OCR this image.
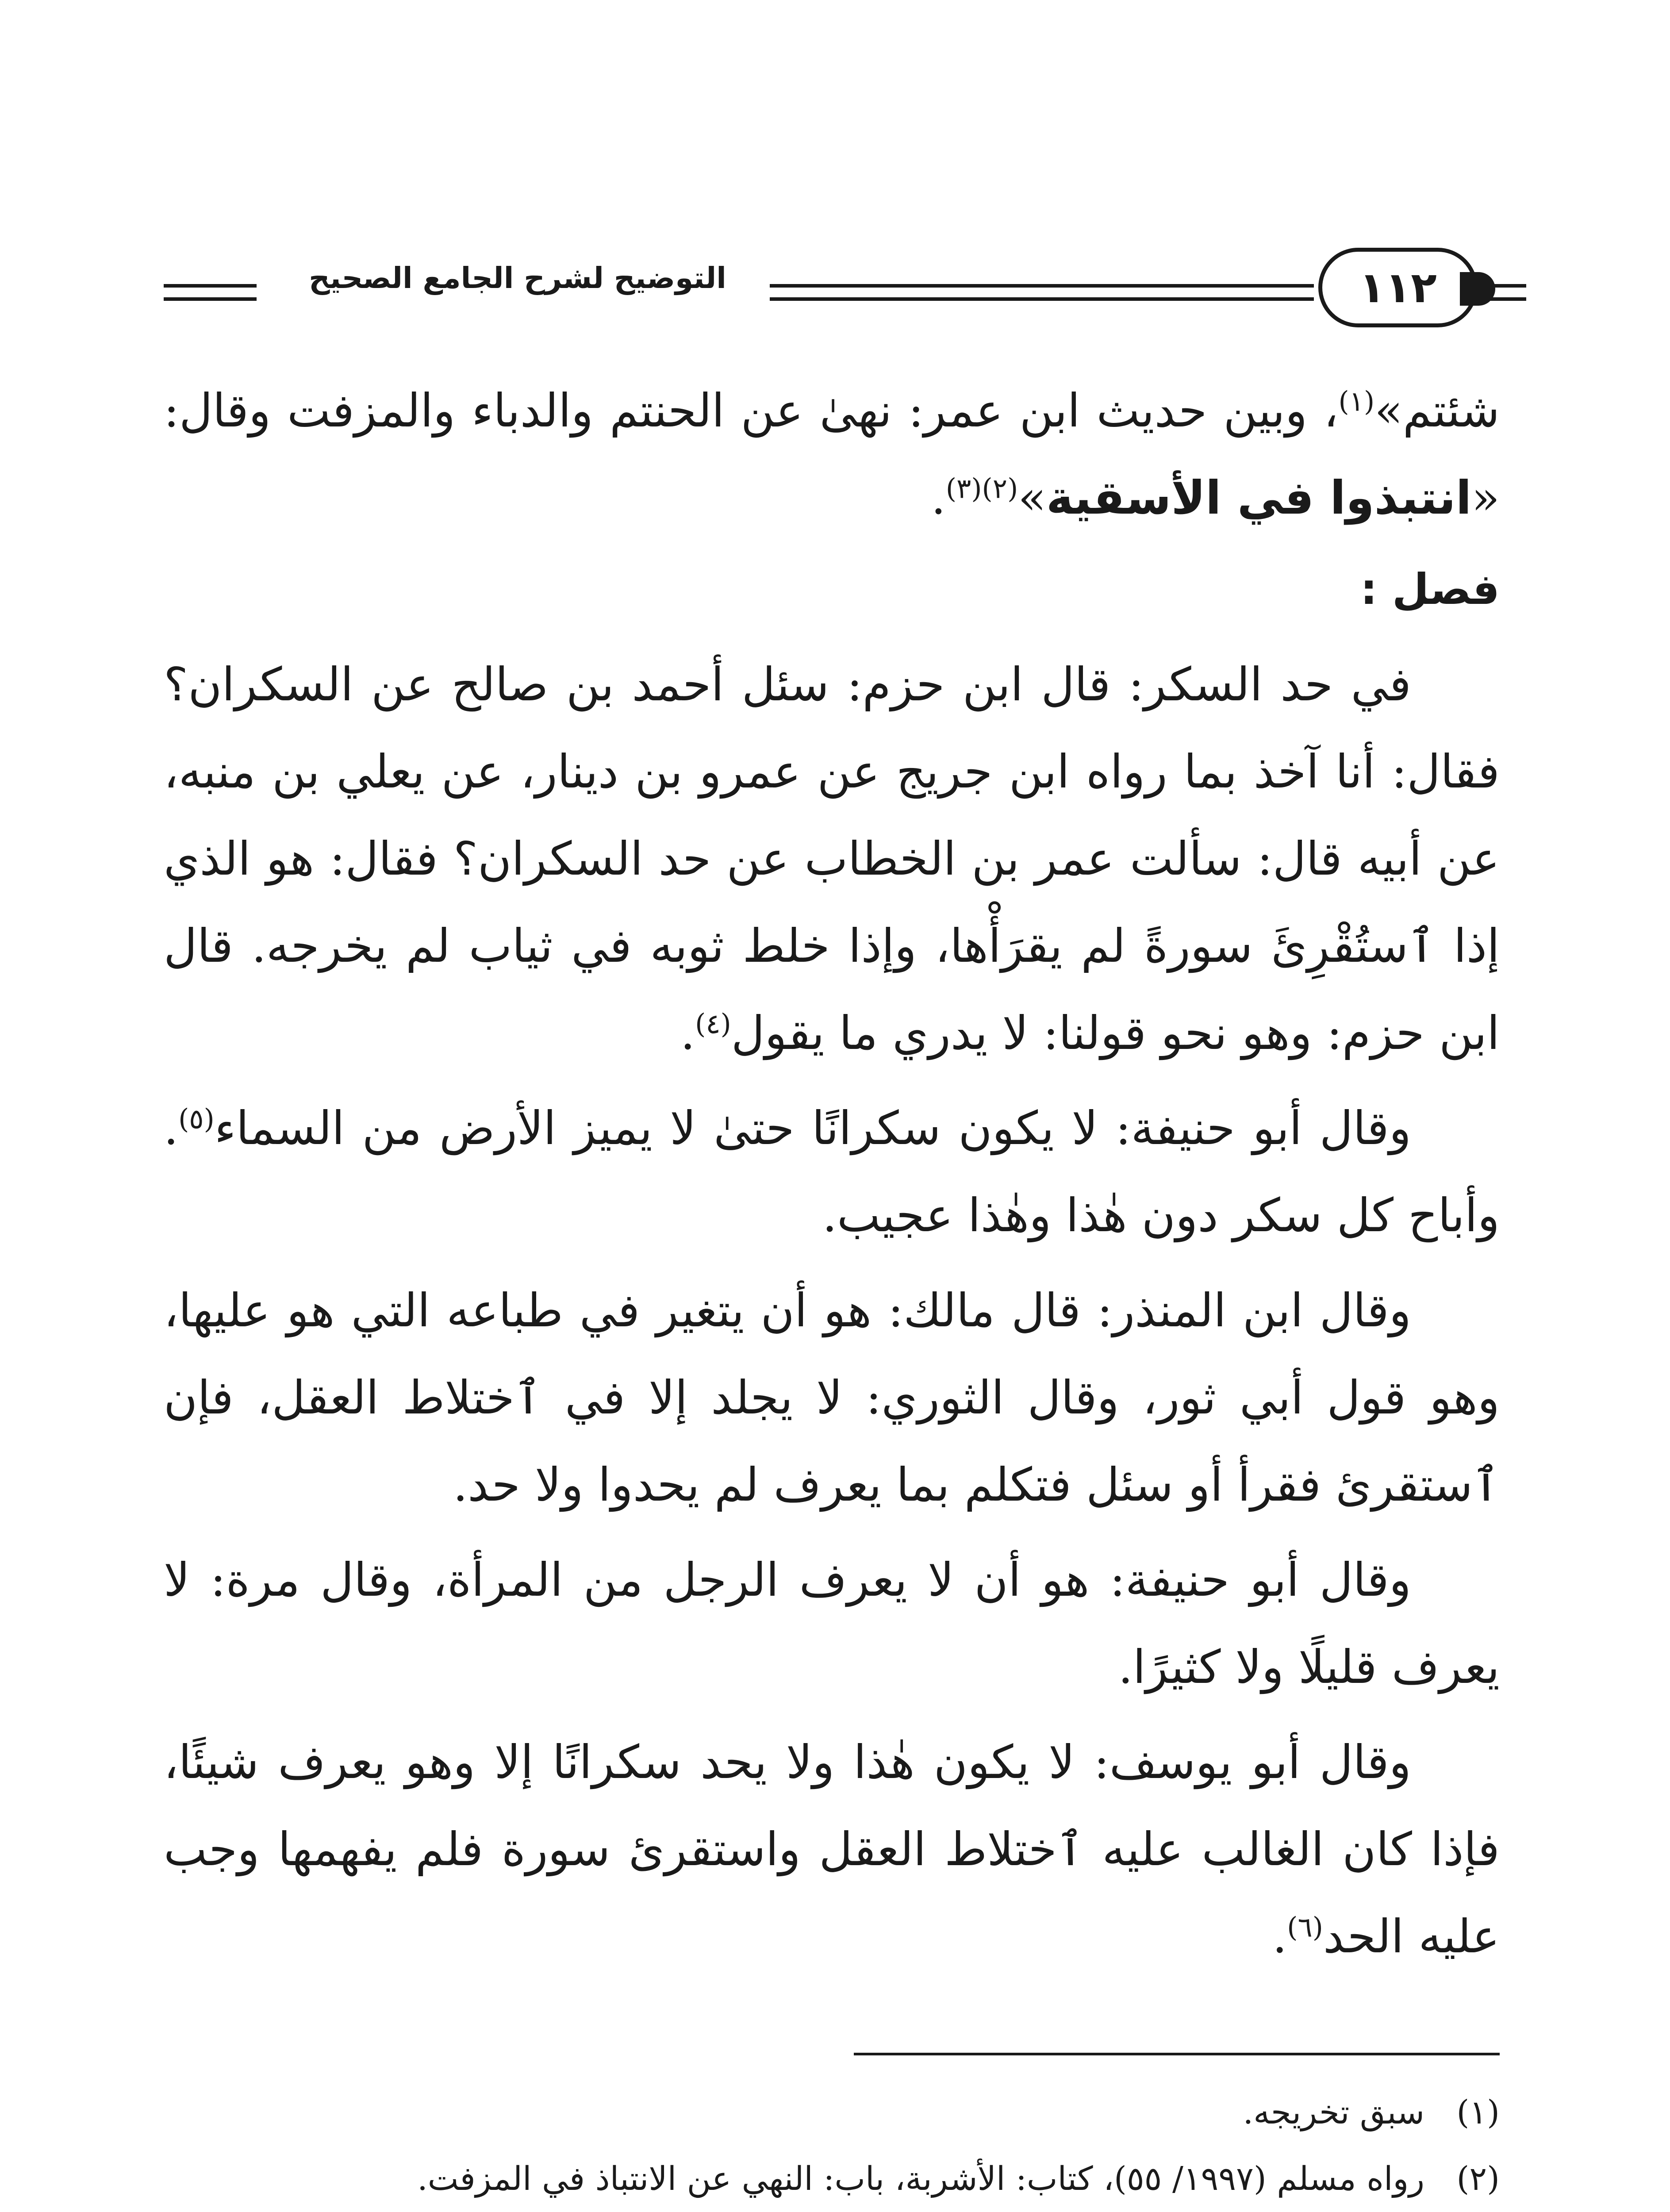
التوضيح لشرح الجامع الصحيح	١١٢

شئتم»$^{(١)}$، وبين حديث ابن عمر: نهىٰ عن الحنتم والدباء والمزفت وقال: «انتبذوا في الأسقية»$^{(٢)(٣)}$.

فصل :

في حد السكر: قال ابن حزم: سئل أحمد بن صالح عن السكران؟ فقال: أنا آخذ بما رواه ابن جريج عن عمرو بن دينار، عن يعلي بن منبه، عن أبيه قال: سألت عمر بن الخطاب عن حد السكران؟ فقال: هو الذي إذا ٱستُقْرِئَ سورةً لم يقرَأْها، وإذا خلط ثوبه في ثياب لم يخرجه. قال ابن حزم: وهو نحو قولنا: لا يدري ما يقول$^{(٤)}$.

وقال أبو حنيفة: لا يكون سكرانًا حتىٰ لا يميز الأرض من السماء$^{(٥)}$. وأباح كل سكر دون هٰذا وهٰذا عجيب.

وقال ابن المنذر: قال مالك: هو أن يتغير في طباعه التي هو عليها، وهو قول أبي ثور، وقال الثوري: لا يجلد إلا في ٱختلاط العقل، فإن ٱستقرئ فقرأ أو سئل فتكلم بما يعرف لم يحدوا ولا حد.

وقال أبو حنيفة: هو أن لا يعرف الرجل من المرأة، وقال مرة: لا يعرف قليلًا ولا كثيرًا.

وقال أبو يوسف: لا يكون هٰذا ولا يحد سكرانًا إلا وهو يعرف شيئًا، فإذا كان الغالب عليه ٱختلاط العقل واستقرئ سورة فلم يفهمها وجب عليه الحد$^{(٦)}$.

(١)
سبق تخريجه.
(٢)
رواه مسلم (١٩٩٧/ ٥٥)، كتاب: الأشربة، باب: النهي عن الانتباذ في المزفت.
